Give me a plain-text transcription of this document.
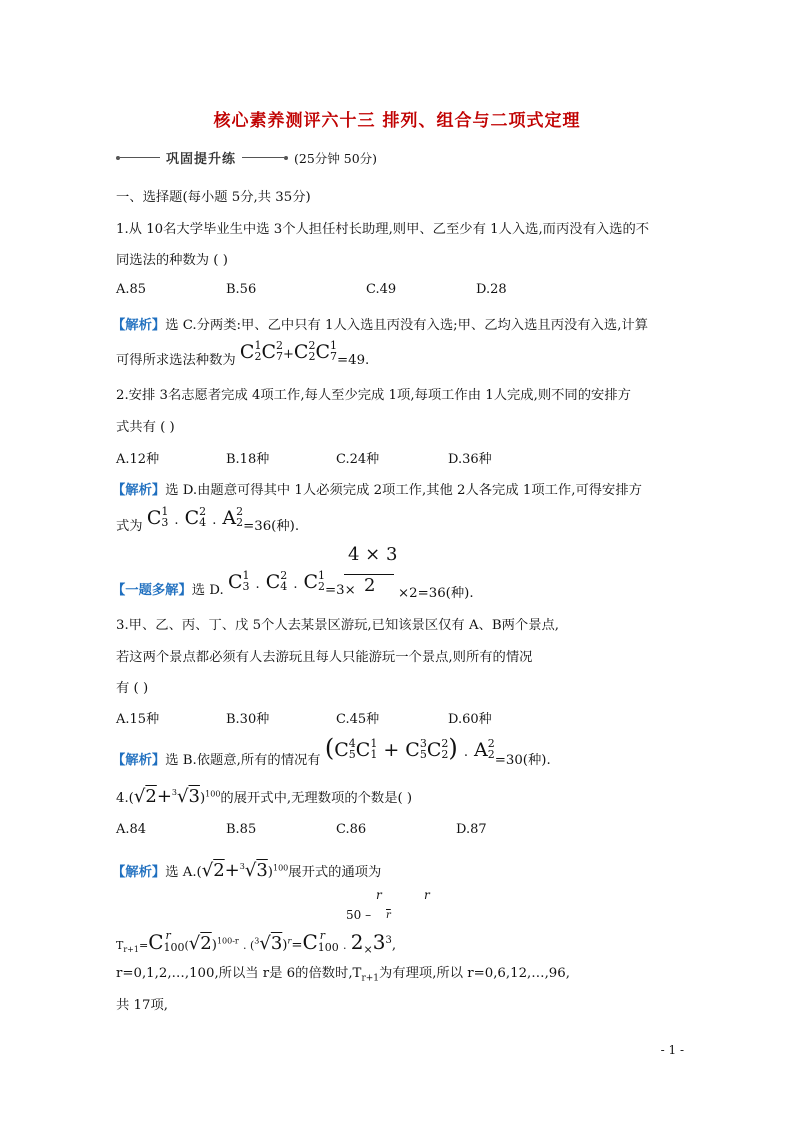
核心素养测评六十三 排列、组合与二项式定理
巩固提升练	(25分钟 50分)
一、选择题(每小题 5分,共 35分)
1.从 10名大学毕业生中选 3个人担任村长助理,则甲、乙至少有 1人入选,而丙没有入选的不
同选法的种数为 ( )
A.85	B.56	C.49	D.28
【解析】选 C.分两类:甲、乙中只有 1人入选且丙没有入选;甲、乙均入选且丙没有入选,计算
可得所求选法种数为 C 1
2 C 2
7 +C 2
2 C 1
7 =49.
2.安排 3名志愿者完成 4项工作,每人至少完成 1项,每项工作由 1人完成,则不同的安排方
式共有 ( )
A.12种	B.18种	C.24种	D.36种
【解析】选 D.由题意可得其中 1人必须完成 2项工作,其他 2人各完成 1项工作,可得安排方
式为 C 1
3 . C 2
4 . A 2
2 =36(种).
4 × 3
2
【一题多解】选 D. C 1
3 . C 2
4 . C 1
2 =3×	×2=36(种).
3.甲、乙、丙、丁、戊 5个人去某景区游玩,已知该景区仅有 A、B两个景点,
若这两个景点都必须有人去游玩且每人只能游玩一个景点,则所有的情况
有 ( )
A.15种	B.30种	C.45种	D.60种
【解析】选 B.依题意,所有的情况有 (C 4
5 C 1
1 + C 3
5 C 2
2 ) . A 2
2 =30(种).
$4.(√2+^3√3)^{100}$的展开式中,无理数项的个数是( )
A.84	B.85	C.86	D.87
【解析】选 $A.(√2+^3√3)^{100}$展开式的通项为
r	r
$50 - \overline{r}$
$T_{r+1}=C$ r
100 $(√2)^{100-r}$ . $(^3√3)^r=C$ r
100 . $2_\times 3^3$,
r=0,1,2,…,100,所以当 r是 6的倍数时$,T_{r+1}$为有理项,所以 r=0,6,12,…,96,
共 17项,
- 1 -
